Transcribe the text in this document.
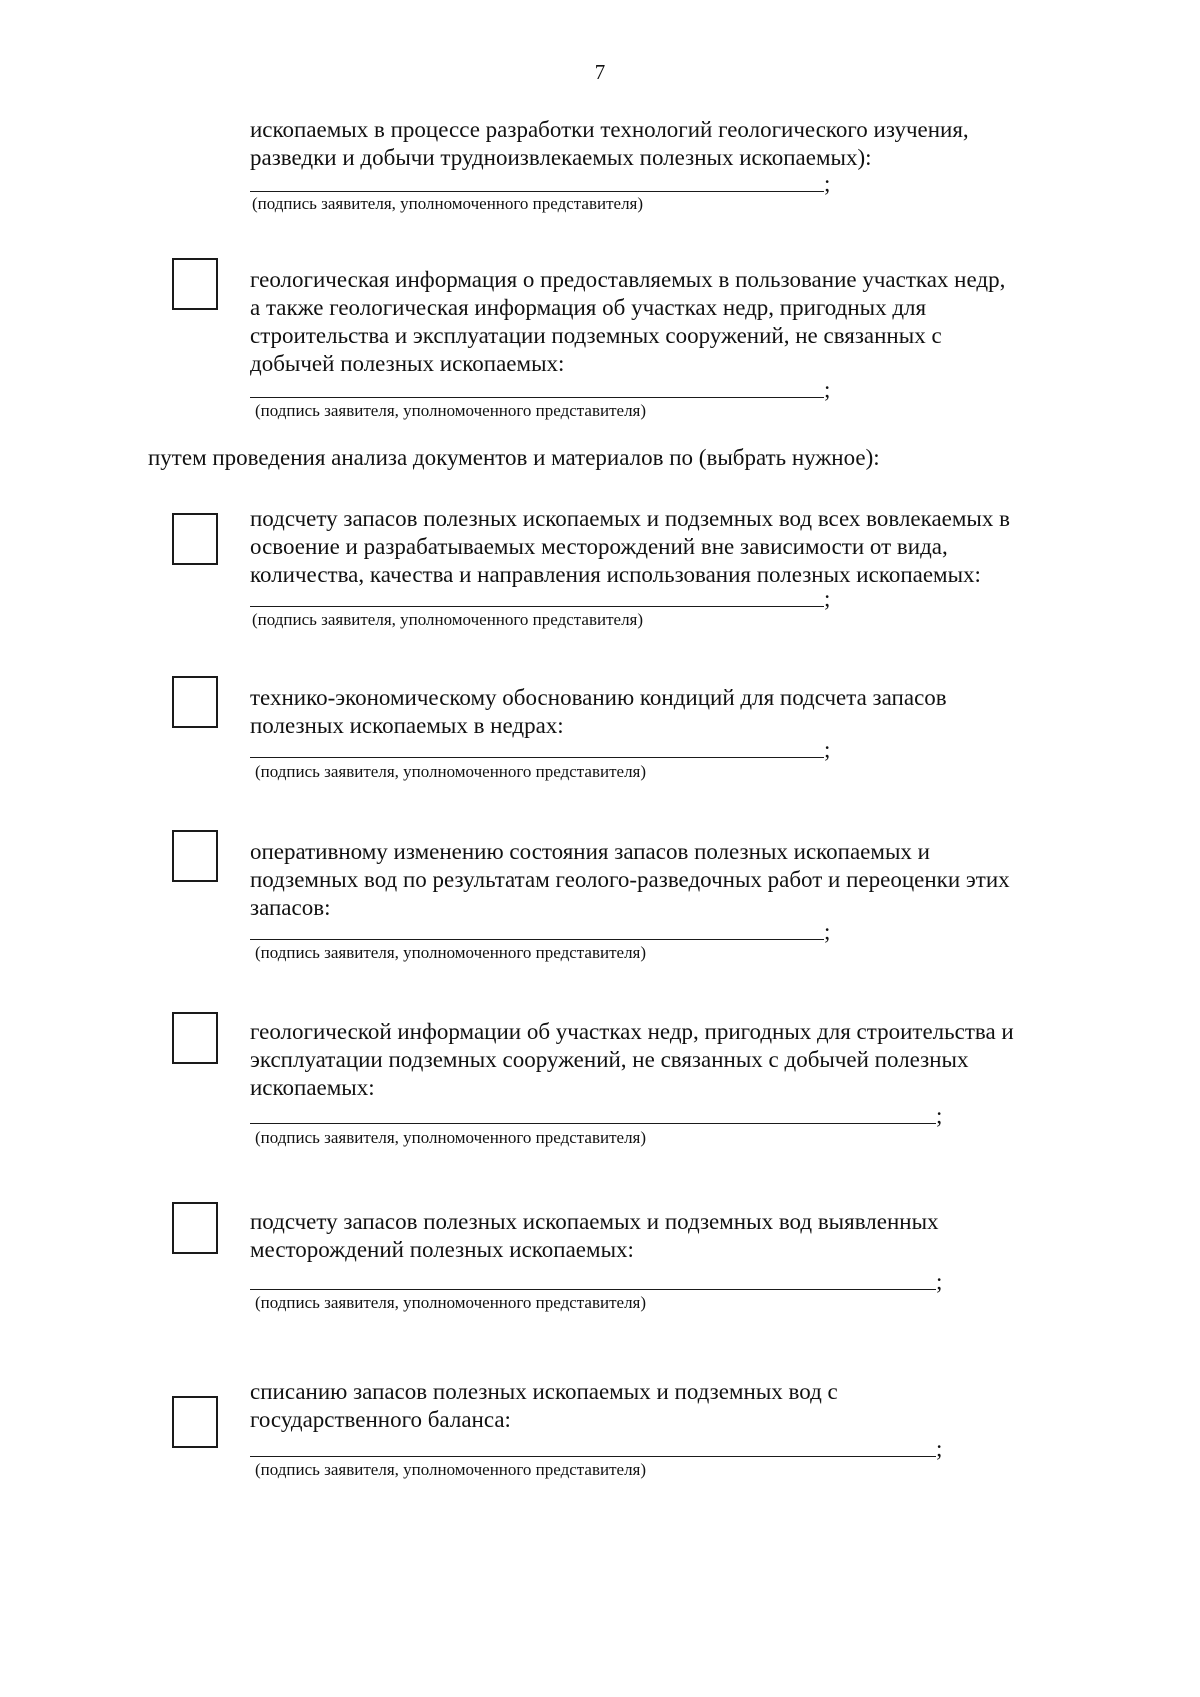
7

ископаемых в процессе разработки технологий геологического изучения,

разведки и добычи трудноизвлекаемых полезных ископаемых):

;
(подпись заявителя, уполномоченного представителя)

геологическая информация о предоставляемых в пользование участках недр,

а также геологическая информация об участках недр, пригодных для

строительства и эксплуатации подземных сооружений, не связанных с

добычей полезных ископаемых:

;
(подпись заявителя, уполномоченного представителя)
путем проведения анализа документов и материалов по (выбрать нужное):

подсчету запасов полезных ископаемых и подземных вод всех вовлекаемых в

освоение и разрабатываемых месторождений вне зависимости от вида,

количества, качества и направления использования полезных ископаемых:

;
(подпись заявителя, уполномоченного представителя)

технико-экономическому обоснованию кондиций для подсчета запасов

полезных ископаемых в недрах:

;
(подпись заявителя, уполномоченного представителя)

оперативному изменению состояния запасов полезных ископаемых и

подземных вод по результатам геолого-разведочных работ и переоценки этих

запасов:

;
(подпись заявителя, уполномоченного представителя)

геологической информации об участках недр, пригодных для строительства и

эксплуатации подземных сооружений, не связанных с добычей полезных

ископаемых:

;
(подпись заявителя, уполномоченного представителя)

подсчету запасов полезных ископаемых и подземных вод выявленных

месторождений полезных ископаемых:

;
(подпись заявителя, уполномоченного представителя)

списанию запасов полезных ископаемых и подземных вод с

государственного баланса:

;
(подпись заявителя, уполномоченного представителя)
